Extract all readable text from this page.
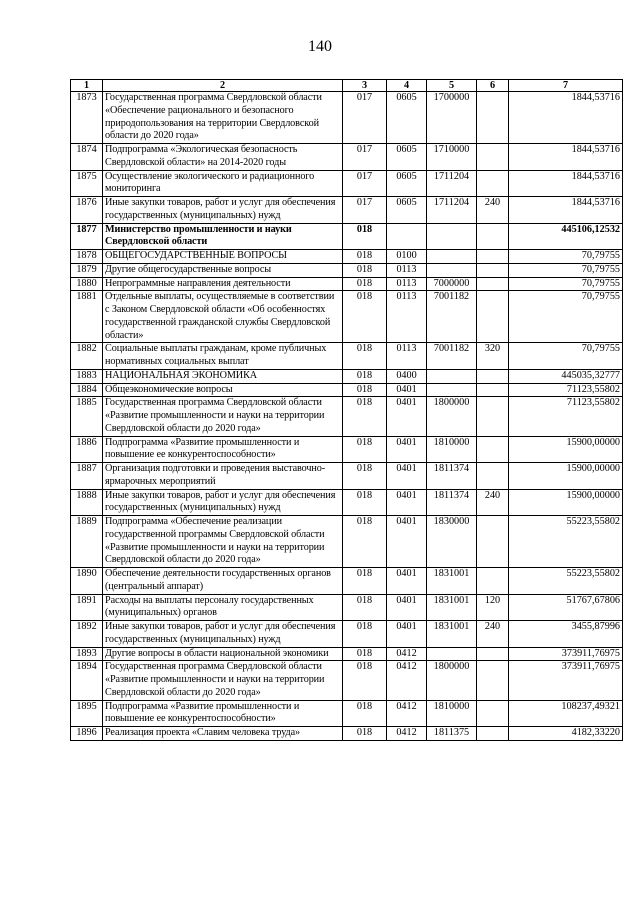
140
1	2	3	4	5	6	7
1873	Государственная программа Свердловской области «Обеспечение рационального и безопасного природопользования на территории Свердловской области до 2020 года»	017	0605	1700000		1844,53716
1874	Подпрограмма «Экологическая безопасность Свердловской области» на 2014-2020 годы	017	0605	1710000		1844,53716
1875	Осуществление экологического и радиационного мониторинга	017	0605	1711204		1844,53716
1876	Иные закупки товаров, работ и услуг для обеспечения государственных (муниципальных) нужд	017	0605	1711204	240	1844,53716
1877	Министерство промышленности и науки Свердловской области	018				445106,12532
1878	ОБЩЕГОСУДАРСТВЕННЫЕ ВОПРОСЫ	018	0100			70,79755
1879	Другие общегосударственные вопросы	018	0113			70,79755
1880	Непрограммные направления деятельности	018	0113	7000000		70,79755
1881	Отдельные выплаты, осуществляемые в соответствии с Законом Свердловской области «Об особенностях государственной гражданской службы Свердловской области»	018	0113	7001182		70,79755
1882	Социальные выплаты гражданам, кроме публичных нормативных социальных выплат	018	0113	7001182	320	70,79755
1883	НАЦИОНАЛЬНАЯ ЭКОНОМИКА	018	0400			445035,32777
1884	Общеэкономические вопросы	018	0401			71123,55802
1885	Государственная программа Свердловской области «Развитие промышленности и науки на территории Свердловской области до 2020 года»	018	0401	1800000		71123,55802
1886	Подпрограмма «Развитие промышленности и повышение ее конкурентоспособности»	018	0401	1810000		15900,00000
1887	Организация подготовки и проведения выставочно-ярмарочных мероприятий	018	0401	1811374		15900,00000
1888	Иные закупки товаров, работ и услуг для обеспечения государственных (муниципальных) нужд	018	0401	1811374	240	15900,00000
1889	Подпрограмма «Обеспечение реализации государственной программы Свердловской области «Развитие промышленности и науки на территории Свердловской области до 2020 года»	018	0401	1830000		55223,55802
1890	Обеспечение деятельности государственных органов (центральный аппарат)	018	0401	1831001		55223,55802
1891	Расходы на выплаты персоналу государственных (муниципальных) органов	018	0401	1831001	120	51767,67806
1892	Иные закупки товаров, работ и услуг для обеспечения государственных (муниципальных) нужд	018	0401	1831001	240	3455,87996
1893	Другие вопросы в области национальной экономики	018	0412			373911,76975
1894	Государственная программа Свердловской области «Развитие промышленности и науки на территории Свердловской области до 2020 года»	018	0412	1800000		373911,76975
1895	Подпрограмма «Развитие промышленности и повышение ее конкурентоспособности»	018	0412	1810000		108237,49321
1896	Реализация проекта «Славим человека труда»	018	0412	1811375		4182,33220
